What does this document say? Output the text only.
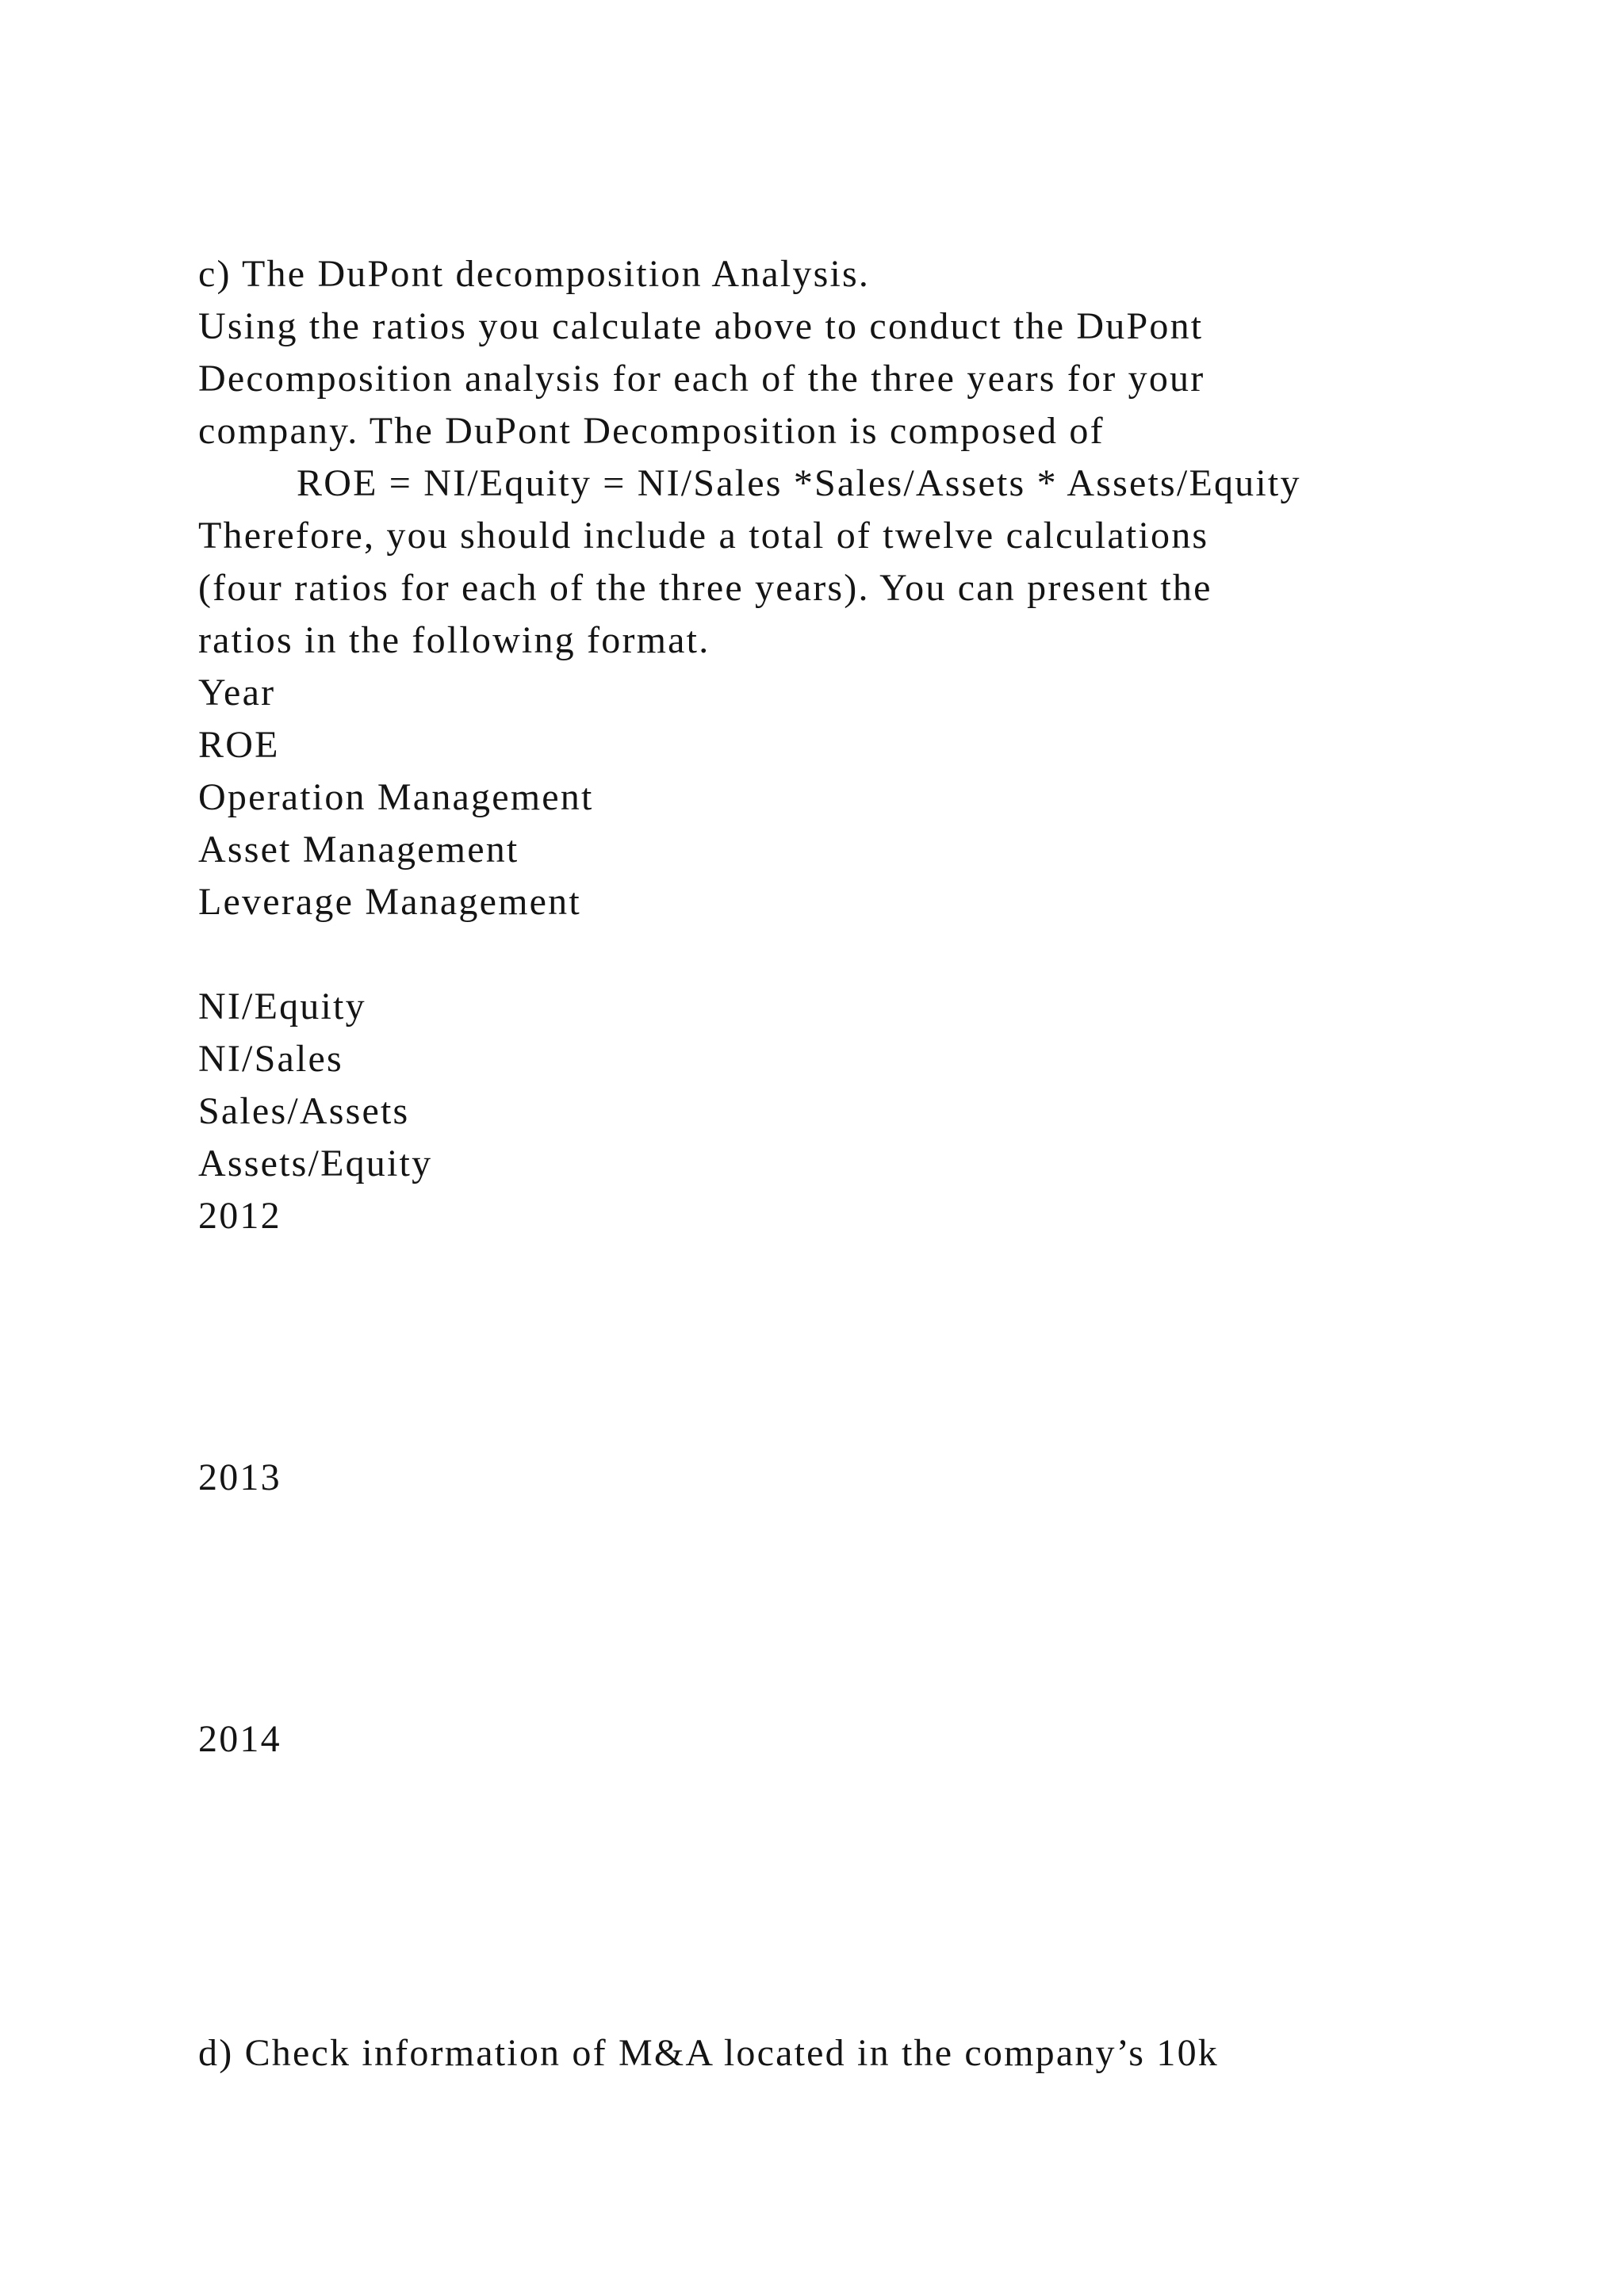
c) The DuPont decomposition Analysis.

Using the ratios you calculate above to conduct the DuPont

Decomposition analysis for each of the three years for your

company. The DuPont Decomposition is composed of

ROE = NI/Equity = NI/Sales *Sales/Assets * Assets/Equity

Therefore, you should include a total of twelve calculations

(four ratios for each of the three years). You can present the

ratios in the following format.

Year

ROE

Operation Management

Asset Management

Leverage Management

NI/Equity

NI/Sales

Sales/Assets

Assets/Equity

2012

2013

2014

d) Check information of M&A located in the company’s 10k
